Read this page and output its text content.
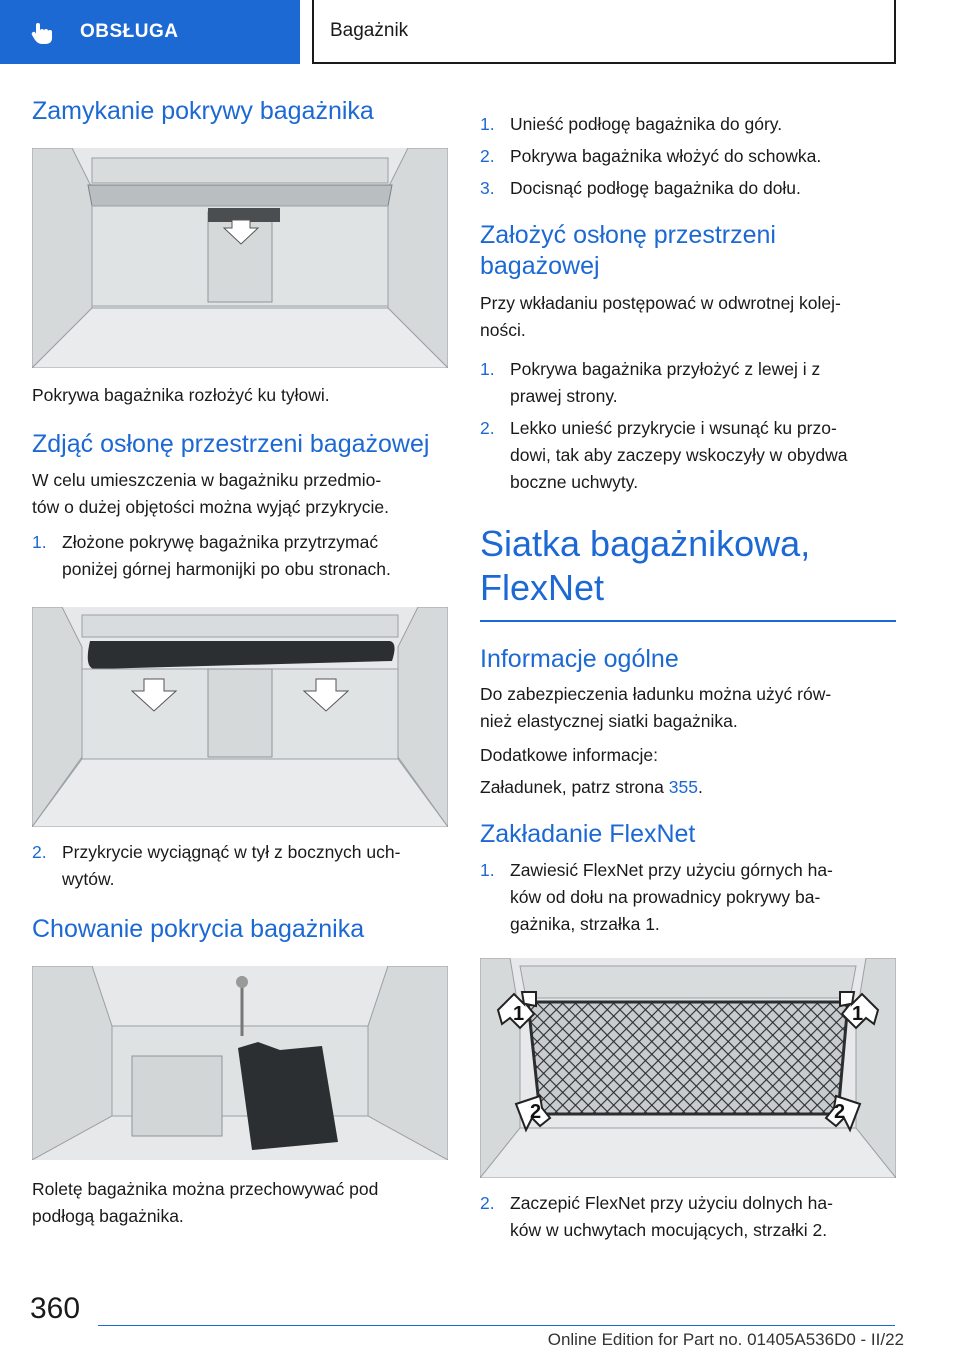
OBSŁUGA	Bagażnik
Zamykanie pokrywy bagażnika
Pokrywa bagażnika rozłożyć ku tyłowi.
Zdjąć osłonę przestrzeni bagażowej
W celu umieszczenia w bagażniku przedmio-
tów o dużej objętości można wyjąć przykrycie.
1. Złożone pokrywę bagażnika przytrzymać
poniżej górnej harmonijki po obu stronach.
2. Przykrycie wyciągnąć w tył z bocznych uch-
wytów.
Chowanie pokrycia bagażnika
Roletę bagażnika można przechowywać pod
podłogą bagażnika.
1. Unieść podłogę bagażnika do góry.
2. Pokrywa bagażnika włożyć do schowka.
3. Docisnąć podłogę bagażnika do dołu.
Założyć osłonę przestrzeni
bagażowej
Przy wkładaniu postępować w odwrotnej kolej-
ności.
1. Pokrywa bagażnika przyłożyć z lewej i z
prawej strony.
2. Lekko unieść przykrycie i wsunąć ku przo-
dowi, tak aby zaczepy wskoczyły w obydwa
boczne uchwyty.
Siatka bagażnikowa,
FlexNet
Informacje ogólne
Do zabezpieczenia ładunku można użyć rów-
nież elastycznej siatki bagażnika.
Dodatkowe informacje:
Załadunek, patrz strona 355.
Zakładanie FlexNet
1. Zawiesić FlexNet przy użyciu górnych ha-
ków od dołu na prowadnicy pokrywy ba-
gażnika, strzałka 1.
1	1
2	2
2. Zaczepić FlexNet przy użyciu dolnych ha-
ków w uchwytach mocujących, strzałki 2.
360
Online Edition for Part no. 01405A536D0 - II/22
